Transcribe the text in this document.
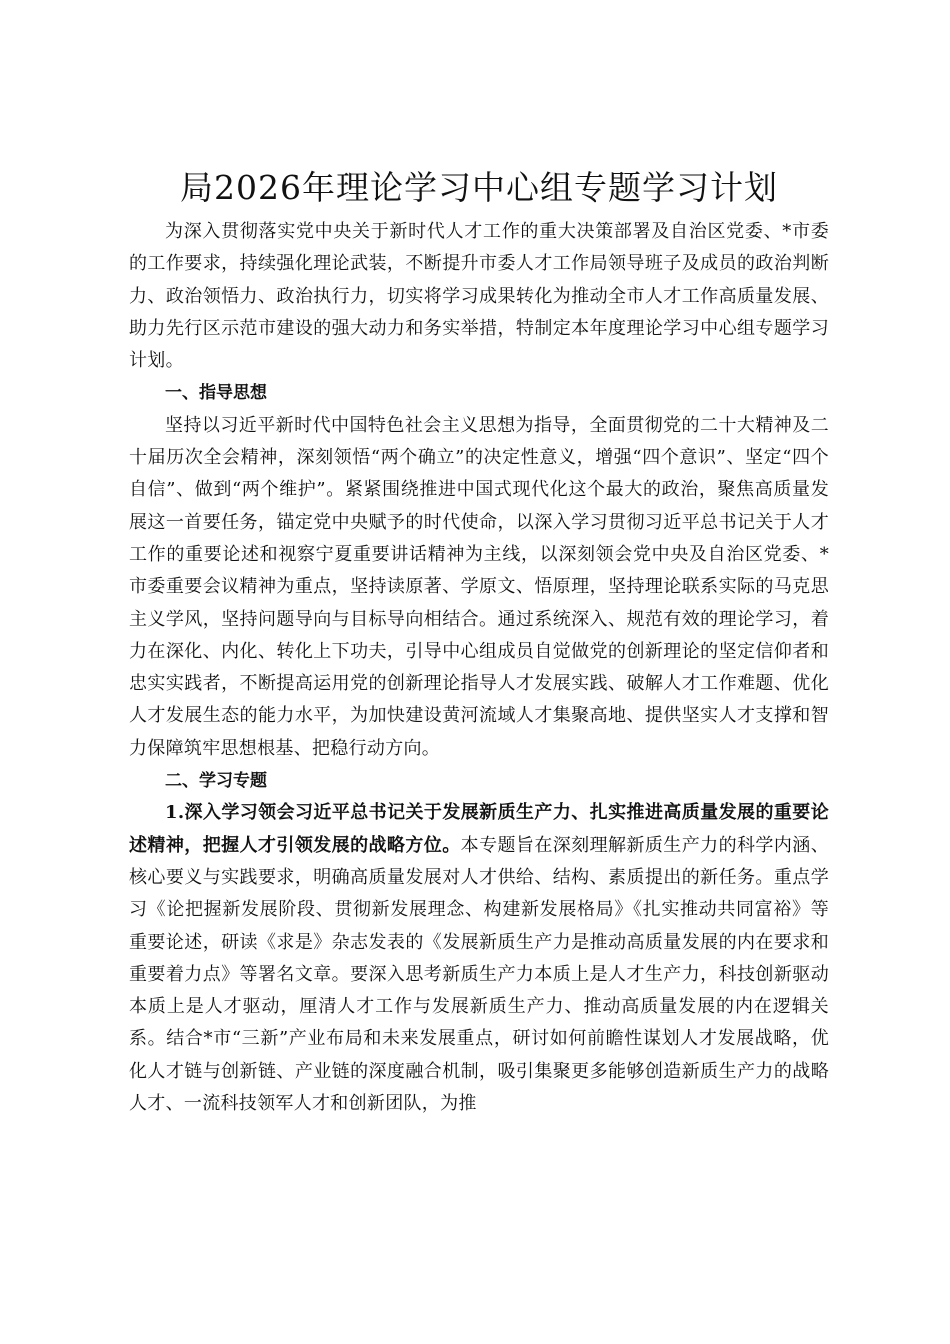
局2026年理论学习中心组专题学习计划

为深入贯彻落实党中央关于新时代人才工作的重大决策部署及自治区党委、*市委的工作要求，持续强化理论武装，不断提升市委人才工作局领导班子及成员的政治判断力、政治领悟力、政治执行力，切实将学习成果转化为推动全市人才工作高质量发展、助力先行区示范市建设的强大动力和务实举措，特制定本年度理论学习中心组专题学习计划。

一、指导思想

坚持以习近平新时代中国特色社会主义思想为指导，全面贯彻党的二十大精神及二十届历次全会精神，深刻领悟“两个确立”的决定性意义，增强“四个意识”、坚定“四个自信”、做到“两个维护”。紧紧围绕推进中国式现代化这个最大的政治，聚焦高质量发展这一首要任务，锚定党中央赋予的时代使命，以深入学习贯彻习近平总书记关于人才工作的重要论述和视察宁夏重要讲话精神为主线，以深刻领会党中央及自治区党委、*市委重要会议精神为重点，坚持读原著、学原文、悟原理，坚持理论联系实际的马克思主义学风，坚持问题导向与目标导向相结合。通过系统深入、规范有效的理论学习，着力在深化、内化、转化上下功夫，引导中心组成员自觉做党的创新理论的坚定信仰者和忠实实践者，不断提高运用党的创新理论指导人才发展实践、破解人才工作难题、优化人才发展生态的能力水平，为加快建设黄河流域人才集聚高地、提供坚实人才支撑和智力保障筑牢思想根基、把稳行动方向。

二、学习专题

1.深入学习领会习近平总书记关于发展新质生产力、扎实推进高质量发展的重要论述精神，把握人才引领发展的战略方位。本专题旨在深刻理解新质生产力的科学内涵、核心要义与实践要求，明确高质量发展对人才供给、结构、素质提出的新任务。重点学习《论把握新发展阶段、贯彻新发展理念、构建新发展格局》《扎实推动共同富裕》等重要论述，研读《求是》杂志发表的《发展新质生产力是推动高质量发展的内在要求和重要着力点》等署名文章。要深入思考新质生产力本质上是人才生产力，科技创新驱动本质上是人才驱动，厘清人才工作与发展新质生产力、推动高质量发展的内在逻辑关系。结合*市“三新”产业布局和未来发展重点，研讨如何前瞻性谋划人才发展战略，优化人才链与创新链、产业链的深度融合机制，吸引集聚更多能够创造新质生产力的战略人才、一流科技领军人才和创新团队，为推
